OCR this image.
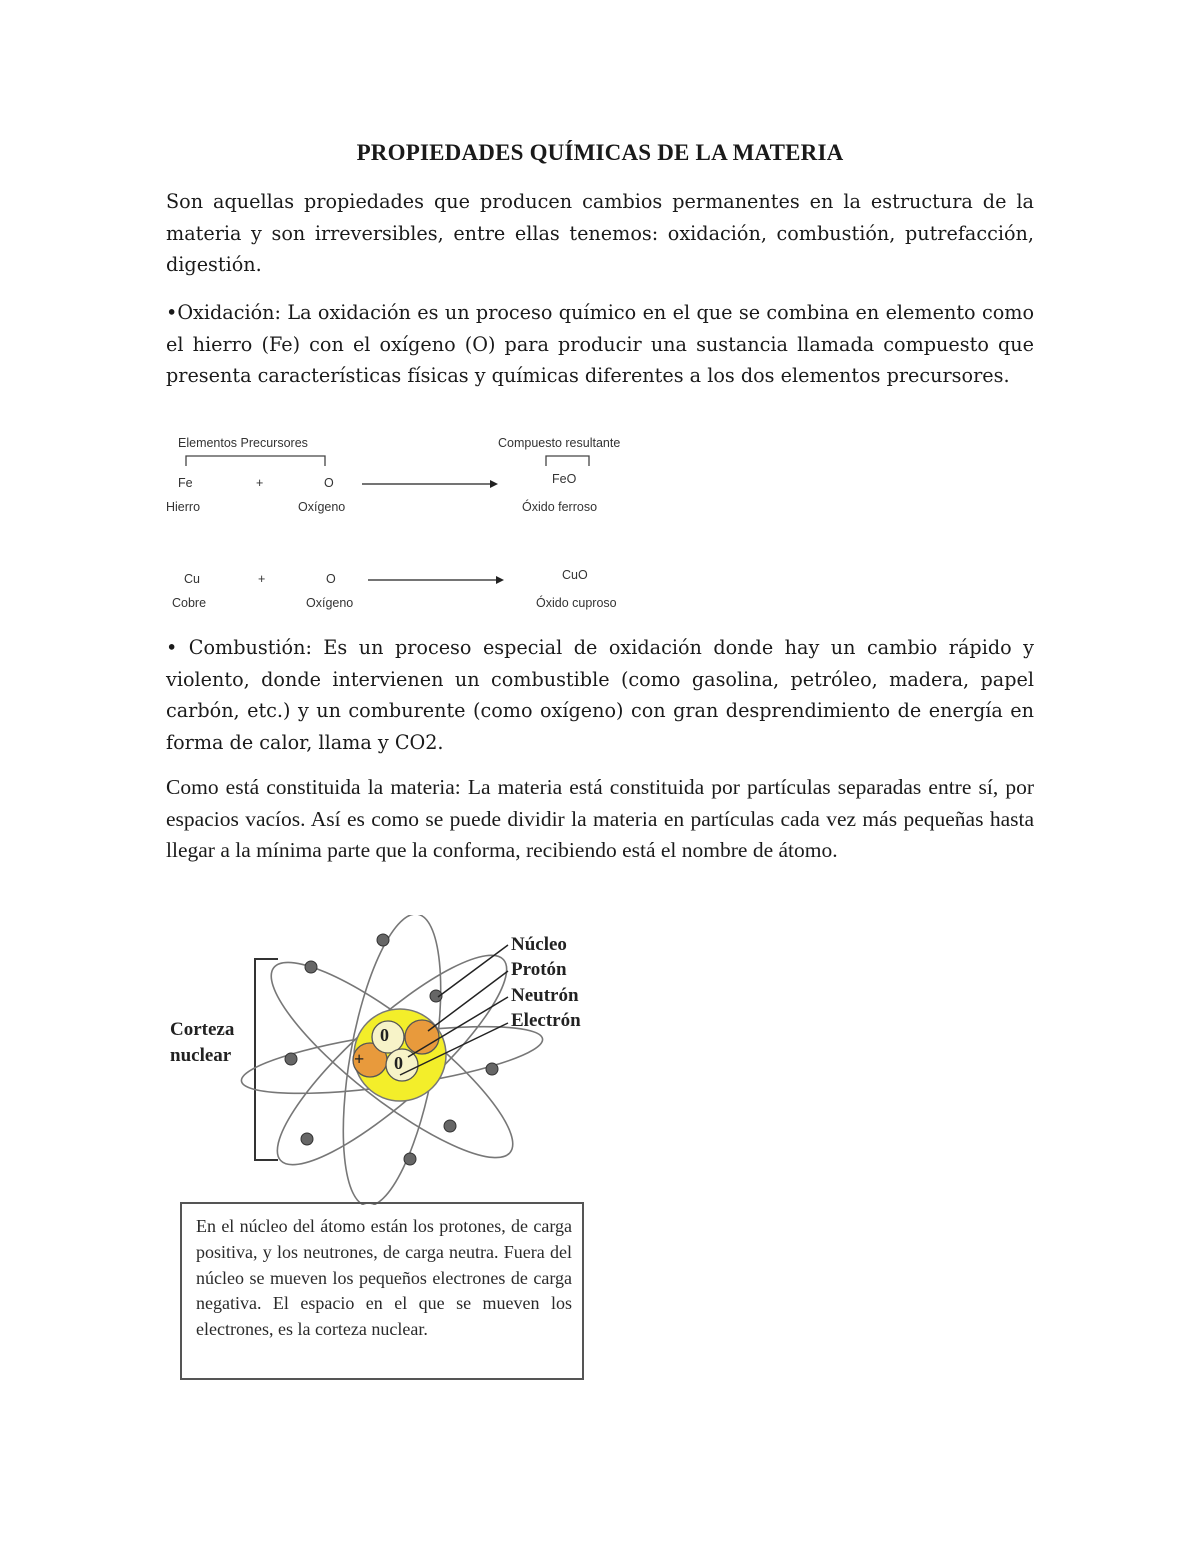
PROPIEDADES QUÍMICAS DE LA MATERIA
Son aquellas propiedades que producen cambios permanentes en la estructura de la materia y son irreversibles, entre ellas tenemos: oxidación, combustión, putrefacción, digestión.
•Oxidación: La oxidación es un proceso químico en el que se combina en elemento como el hierro (Fe) con el oxígeno (O) para producir una sustancia llamada compuesto que presenta características físicas y químicas diferentes a los dos elementos precursores.
Elementos Precursores	Compuesto resultante
Fe	+	O	FeO
Hierro	Oxígeno	Óxido ferroso
Cu	+	O	CuO
Cobre	Oxígeno	Óxido cuproso
• Combustión: Es un proceso especial de oxidación donde hay un cambio rápido y violento, donde intervienen un combustible (como gasolina, petróleo, madera, papel carbón, etc.) y un comburente (como oxígeno) con gran desprendimiento de energía en forma de calor, llama y CO2.
Como está constituida la materia: La materia está constituida por partículas separadas entre sí, por espacios vacíos. Así es como se puede dividir la materia en partículas cada vez más pequeñas hasta llegar a la mínima parte que la conforma, recibiendo está el nombre de átomo.
+
0
0
Corteza
nuclear
Núcleo
Protón
Neutrón
Electrón
En el núcleo del átomo están los protones, de carga positiva, y los neutrones, de carga neutra. Fuera del núcleo se mueven los pequeños electrones de carga negativa. El espacio en el que se mueven los electrones, es la corteza nuclear.
